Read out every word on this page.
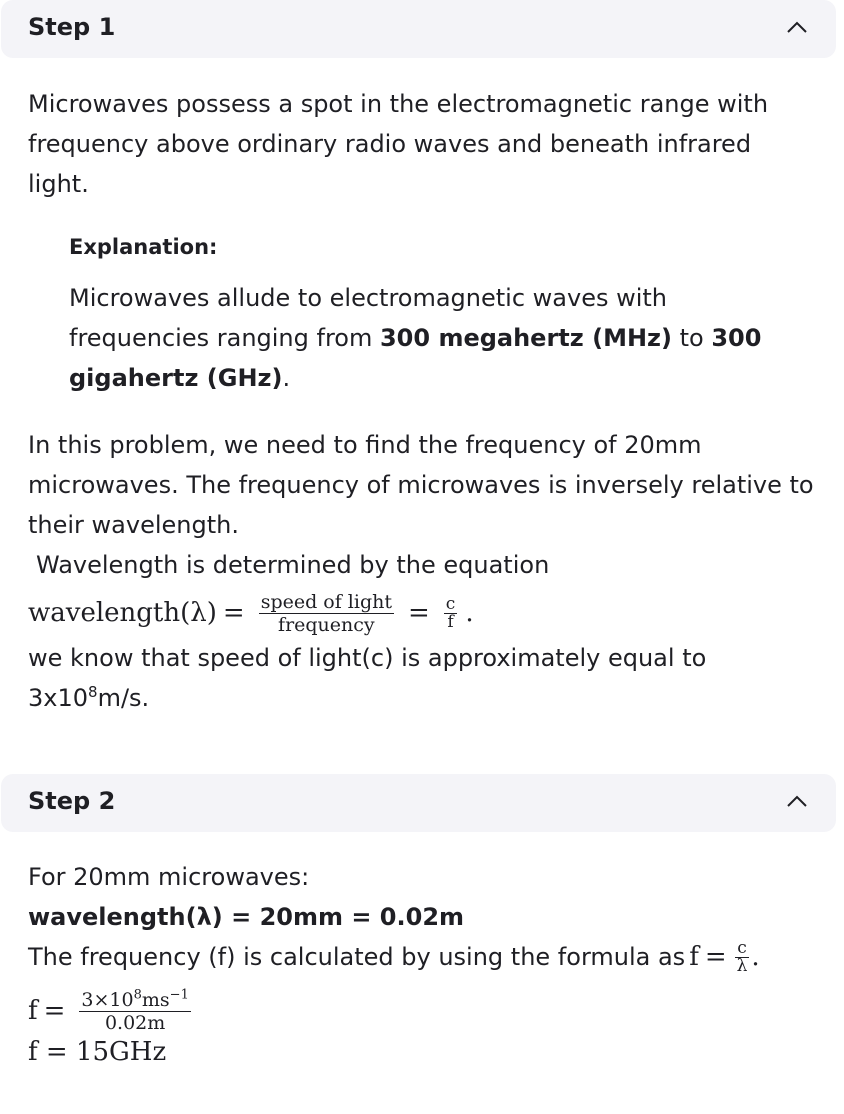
Step 1

Microwaves possess a spot in the electromagnetic range with frequency above ordinary radio waves and beneath infrared light.

Explanation:

Microwaves allude to electromagnetic waves with frequencies ranging from 300 megahertz (MHz) to 300 gigahertz (GHz).

In this problem, we need to find the frequency of 20mm microwaves. The frequency of microwaves is inversely relative to their wavelength.

Wavelength is determined by the equation

wavelength(λ) = $\frac{\text{speed of light}}{\text{frequency}} = \frac{c}{f}$ .

we know that speed of light(c) is approximately equal to
$3x10^8m/s$.

Step 2

For 20mm microwaves:

wavelength(λ) = 20mm = 0.02m

The frequency (f) is calculated by using the formula as $f = \frac{c}{\lambda}$ .
$f = \frac{3\times 10^8ms^{-1}}{0.02m}$
f = 15GHz
